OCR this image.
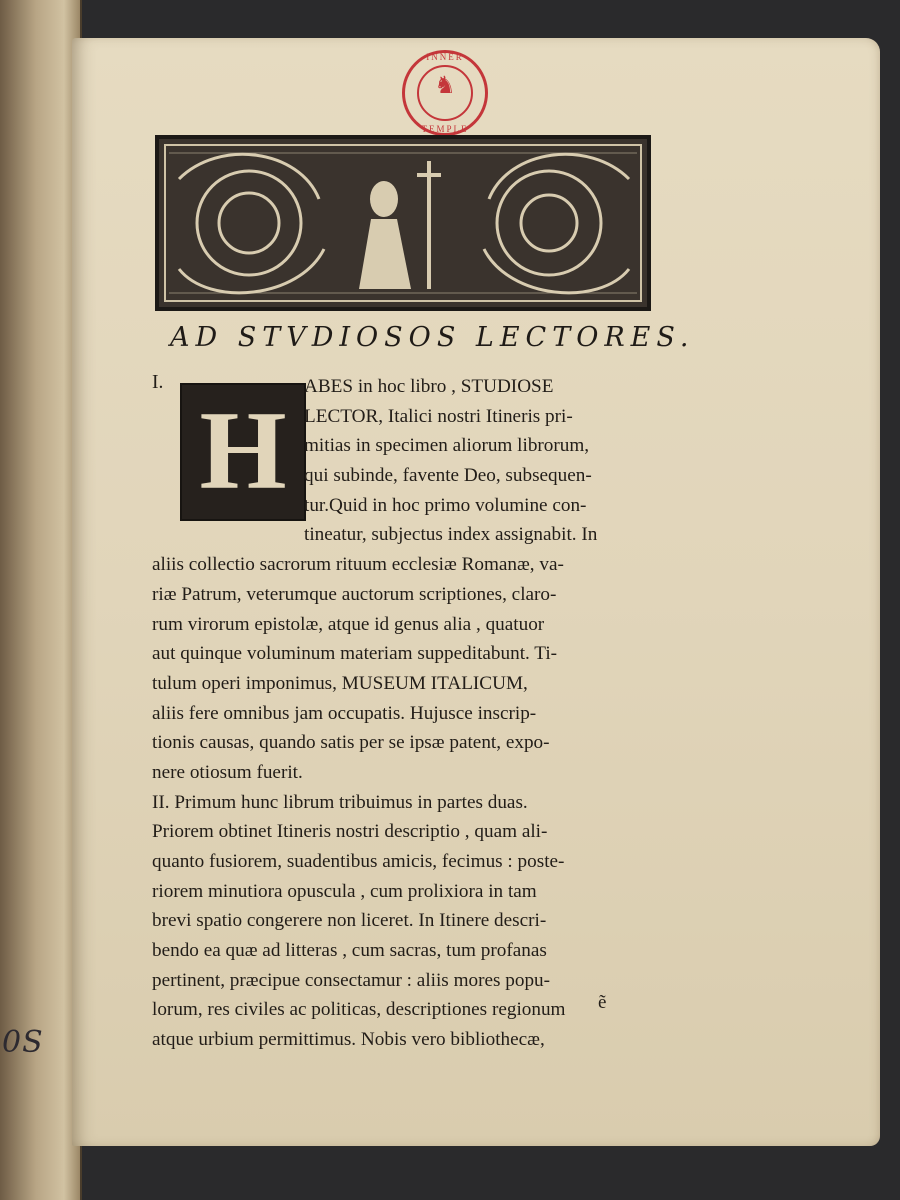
0S
INNER
♞
TEMPLE
AD STVDIOSOS LECTORES.
I.
H
ABES in hoc libro , STUDIOSE
LECTOR, Italici nostri Itineris pri-
mitias in specimen aliorum librorum,
qui subinde, favente Deo, subsequen-
tur.Quid in hoc primo volumine con-
tineatur, subjectus index assignabit. In
aliis collectio sacrorum rituum ecclesiæ Romanæ, va-
riæ Patrum, veterumque auctorum scriptiones, claro-
rum virorum epistolæ, atque id genus alia , quatuor
aut quinque voluminum materiam suppeditabunt. Ti-
tulum operi imponimus, MUSEUM ITALICUM,
aliis fere omnibus jam occupatis. Hujusce inscrip-
tionis causas, quando satis per se ipsæ patent, expo-
nere otiosum fuerit.
II. Primum hunc librum tribuimus in partes duas.
Priorem obtinet Itineris nostri descriptio , quam ali-
quanto fusiorem, suadentibus amicis, fecimus : poste-
riorem minutiora opuscula , cum prolixiora in tam
brevi spatio congerere non liceret. In Itinere descri-
bendo ea quæ ad litteras , cum sacras, tum profanas
pertinent, præcipue consectamur : aliis mores popu-
lorum, res civiles ac politicas, descriptiones regionum
atque urbium permittimus. Nobis vero bibliothecæ,
ẽ
